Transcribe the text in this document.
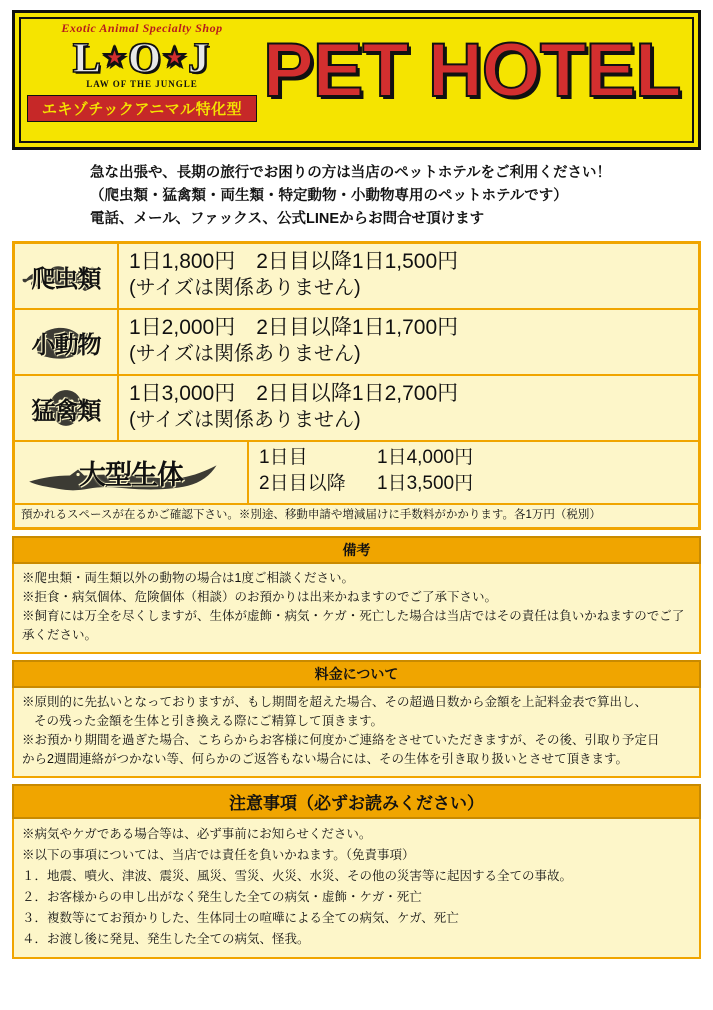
Exotic Animal Specialty Shop
L★O★J
LAW OF THE JUNGLE
エキゾチックアニマル特化型 PET HOTEL
急な出張や、長期の旅行でお困りの方は当店のペットホテルをご利用ください！
（爬虫類・猛禽類・両生類・特定動物・小動物専用のペットホテルです）
電話、メール、ファックス、公式LINEからお問合せ頂けます
爬虫類
1日1,800円　2日目以降1日1,500円
(サイズは関係ありません)
小動物
1日2,000円　2日目以降1日1,700円
(サイズは関係ありません)
猛禽類
1日3,000円　2日目以降1日2,700円
(サイズは関係ありません)
大型生体
1日目	1日4,000円
2日目以降	1日3,500円
預かれるスペースが在るかご確認下さい。※別途、移動申請や増減届けに手数料がかかります。各1万円（税別）
備考

※爬虫類・両生類以外の動物の場合は1度ご相談ください。

※拒食・病気個体、危険個体（相談）のお預かりは出来かねますのでご了承下さい。

※飼育には万全を尽くしますが、生体が虚飾・病気・ケガ・死亡した場合は当店ではその責任は負いかねますのでご了承ください。

料金について

※原則的に先払いとなっておりますが、もし期間を超えた場合、その超過日数から金額を上記料金表で算出し、

その残った金額を生体と引き換える際にご精算して頂きます。

※お預かり期間を過ぎた場合、こちらからお客様に何度かご連絡をさせていただきますが、その後、引取り予定日

から2週間連絡がつかない等、何らかのご返答もない場合には、その生体を引き取り扱いとさせて頂きます。

注意事項（必ずお読みください）

※病気やケガである場合等は、必ず事前にお知らせください。

※以下の事項については、当店では責任を負いかねます。（免責事項）

１．地震、噴火、津波、震災、風災、雪災、火災、水災、その他の災害等に起因する全ての事故。

２．お客様からの申し出がなく発生した全ての病気・虚飾・ケガ・死亡

３．複数等にてお預かりした、生体同士の喧嘩による全ての病気、ケガ、死亡

４．お渡し後に発見、発生した全ての病気、怪我。
